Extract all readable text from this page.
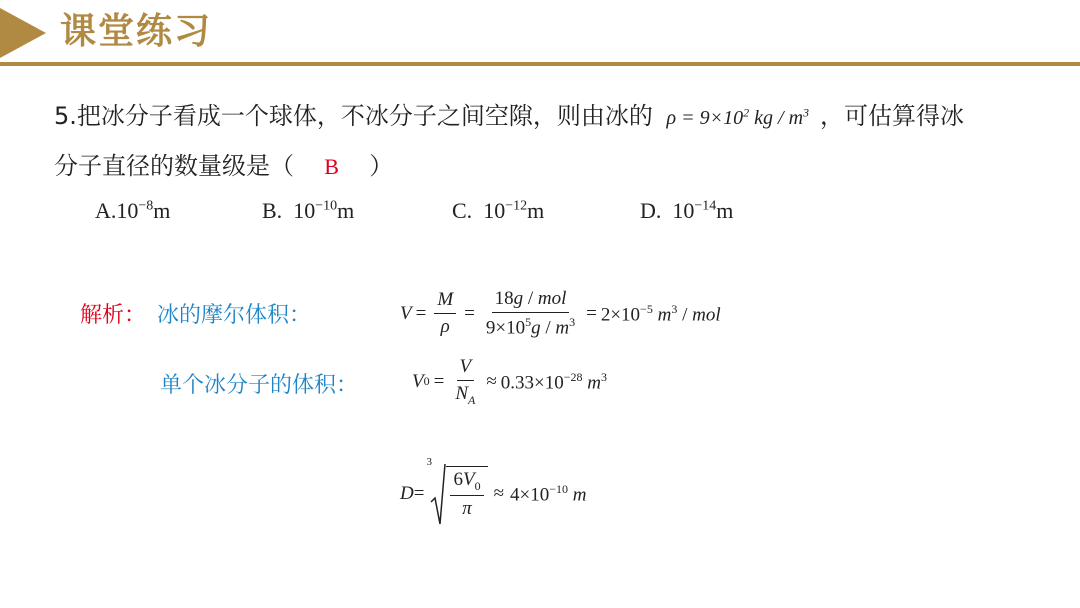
课堂练习
5.把冰分子看成一个球体，不冰分子之间空隙，则由冰的 $\rho = 9\times 10^2$ kg / $m^3$ ，可估算得冰
分子直径的数量级是（ B ）
$A.10^{-8}m$	B. $10^{-10}m$	C. $10^{-12}m$	D. $10^{-14}m$
解析： 冰的摩尔体积：
单个冰分子的体积：
$V = \frac{M}{\rho} = \frac{\text{18g / mol}}{9\times 10^5g / m^3} = 2\times 10^{-5}$ $m^3$ / mol
V $0 = \frac{V}{N_A} \approx 0.33\times 10^{-28}$ $m^3$
D =
3
$\frac{6V_0}{\pi} \approx 4\times 10^{-10}$ m
